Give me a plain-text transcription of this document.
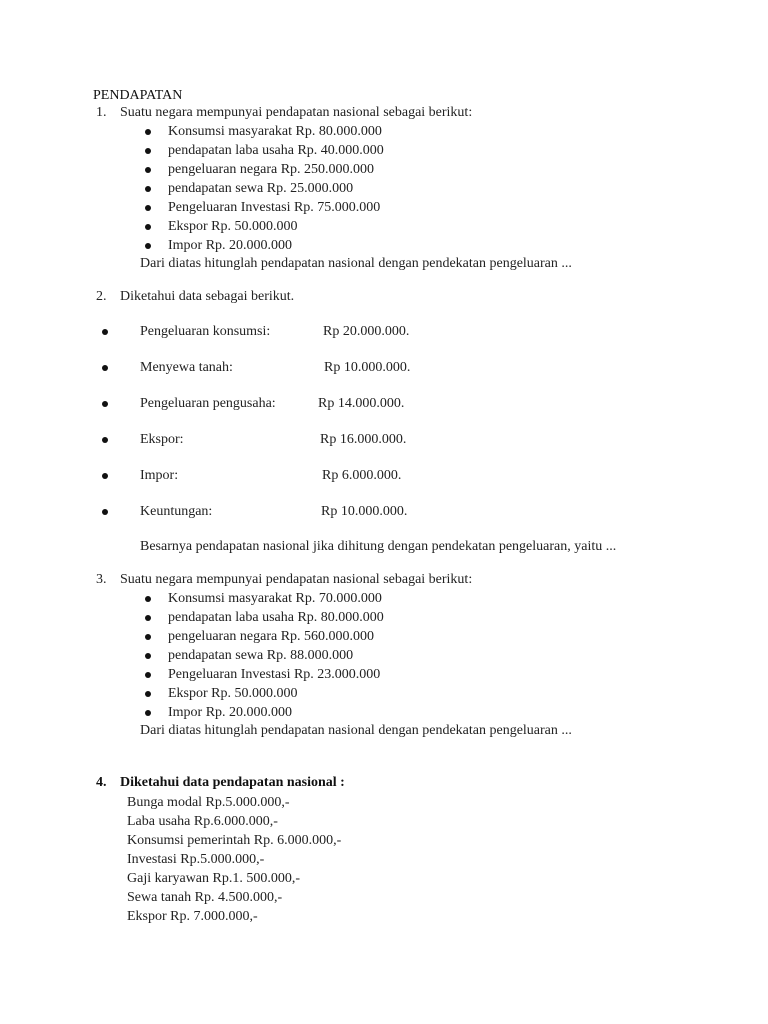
PENDAPATAN
1. Suatu negara mempunyai pendapatan nasional sebagai berikut:
Konsumsi masyarakat Rp. 80.000.000
pendapatan laba usaha Rp. 40.000.000
pengeluaran negara Rp. 250.000.000
pendapatan sewa Rp. 25.000.000
Pengeluaran Investasi Rp. 75.000.000
Ekspor Rp. 50.000.000
Impor Rp. 20.000.000
Dari diatas hitunglah pendapatan nasional dengan pendekatan pengeluaran ...
2. Diketahui data sebagai berikut.
Pengeluaran konsumsi:	Rp 20.000.000.
Menyewa tanah:	Rp 10.000.000.
Pengeluaran pengusaha:	Rp 14.000.000.
Ekspor:	Rp 16.000.000.
Impor:	Rp 6.000.000.
Keuntungan:	Rp 10.000.000.
Besarnya pendapatan nasional jika dihitung dengan pendekatan pengeluaran, yaitu ...
3. Suatu negara mempunyai pendapatan nasional sebagai berikut:
Konsumsi masyarakat Rp. 70.000.000
pendapatan laba usaha Rp. 80.000.000
pengeluaran negara Rp. 560.000.000
pendapatan sewa Rp. 88.000.000
Pengeluaran Investasi Rp. 23.000.000
Ekspor Rp. 50.000.000
Impor Rp. 20.000.000
Dari diatas hitunglah pendapatan nasional dengan pendekatan pengeluaran ...
4. Diketahui data pendapatan nasional :
Bunga modal Rp.5.000.000,-
Laba usaha Rp.6.000.000,-
Konsumsi pemerintah Rp. 6.000.000,-
Investasi Rp.5.000.000,-
Gaji karyawan Rp.1. 500.000,-
Sewa tanah Rp. 4.500.000,-
Ekspor Rp. 7.000.000,-
